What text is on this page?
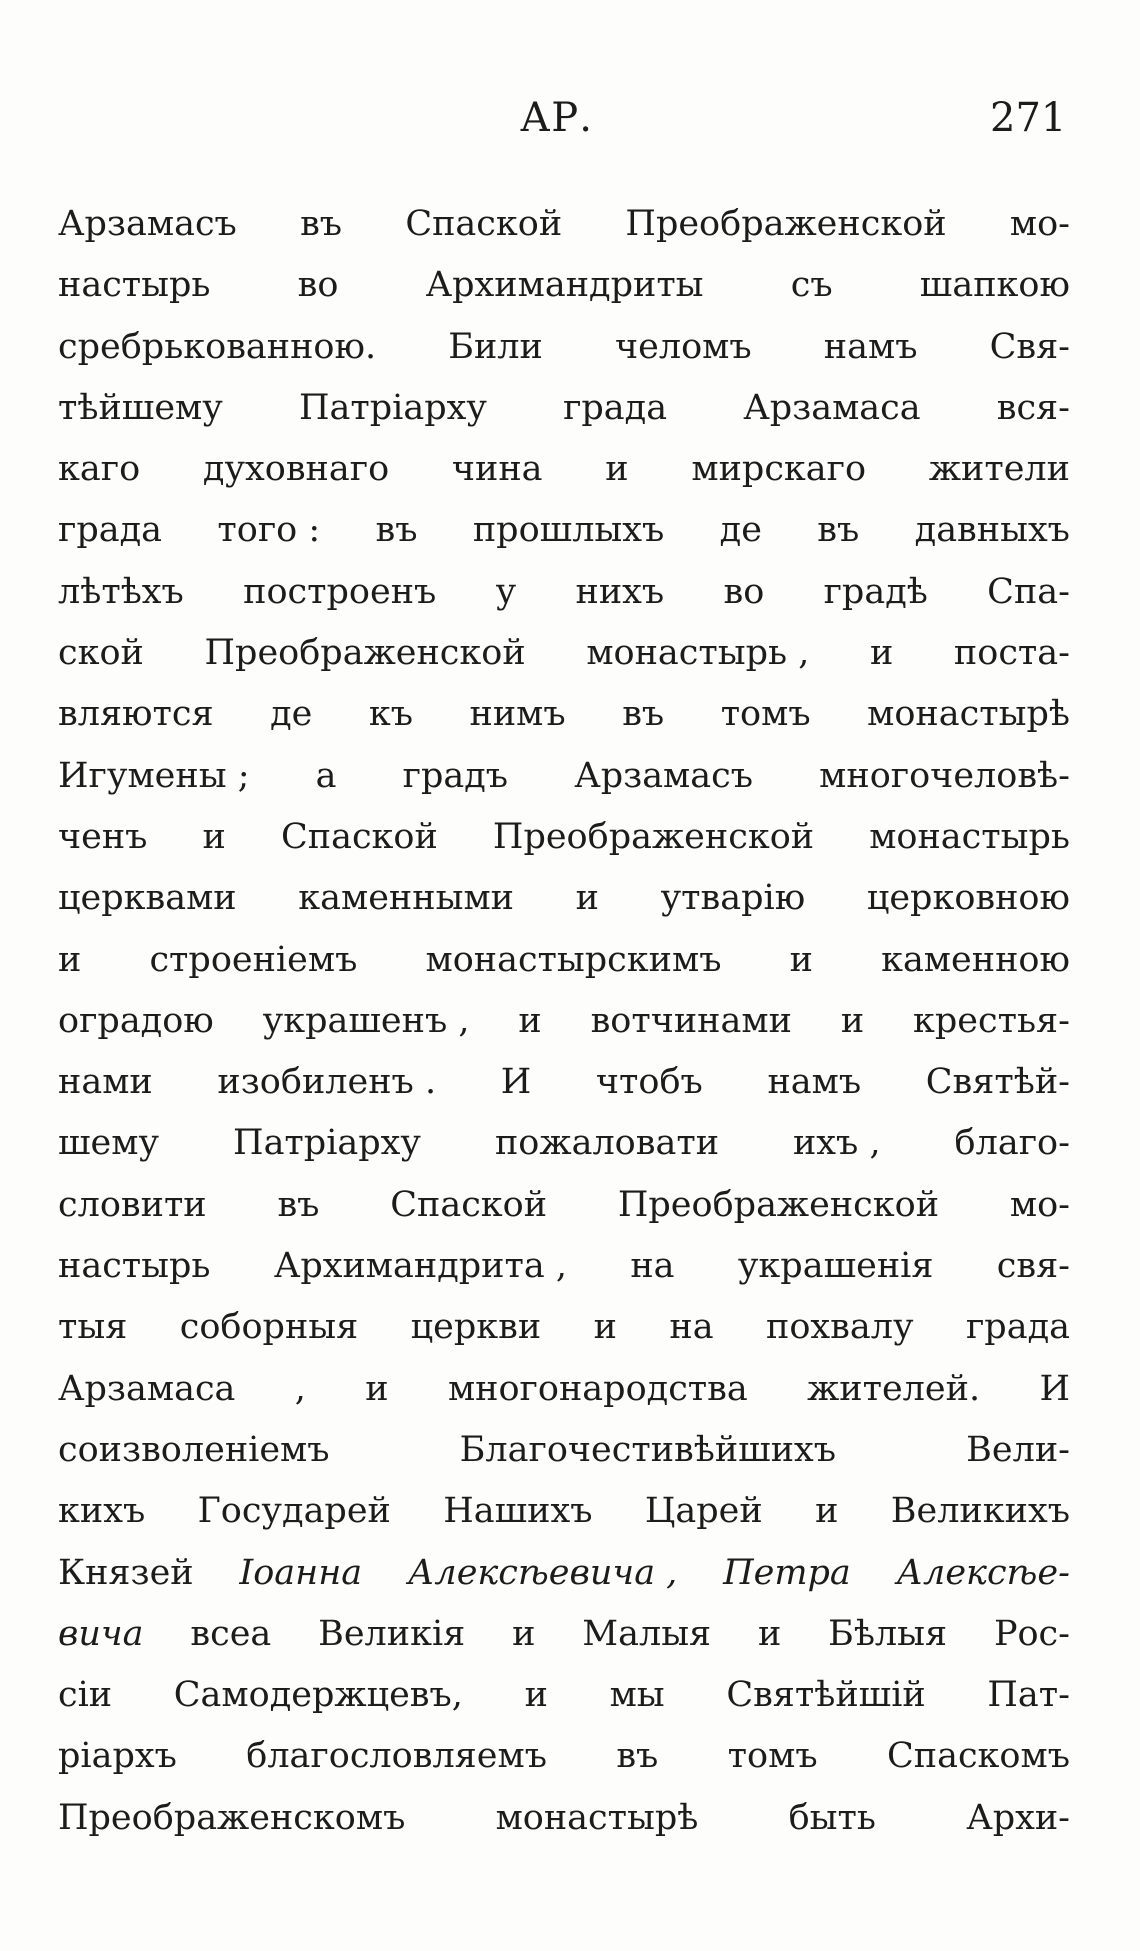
АР.	271
Арзамасъ въ Спаской Преображенской мо-
настырь во Архимандриты съ шапкою
сребрькованною. Били челомъ намъ Свя-
тѣйшему Патріарху града Арзамаса вся-
каго духовнаго чина и мирскаго жители
града того : въ прошлыхъ де въ давныхъ
лѣтѣхъ построенъ у нихъ во градѣ Спа-
ской Преображенской монастырь , и поста-
вляются де къ нимъ въ томъ монастырѣ
Игумены ; а градъ Арзамасъ многочеловѣ-
ченъ и Спаской Преображенской монастырь
церквами каменными и утварію церковною
и строеніемъ монастырскимъ и каменною
оградою украшенъ , и вотчинами и крестья-
нами изобиленъ . И чтобъ намъ Святѣй-
шему Патріарху пожаловати ихъ , благо-
словити въ Спаской Преображенской мо-
настырь Архимандрита , на украшенія свя-
тыя соборныя церкви и на похвалу града
Арзамаса , и многонародства жителей. И
соизволеніемъ	Благочестивѣйшихъ	Вели-
кихъ Государей Нашихъ Царей и Великихъ
Князей Іоанна Алексѣевича , Петра Алексѣе-
вича всеа Великія и Малыя и Бѣлыя Рос-
сіи Самодержцевъ, и мы Святѣйшій Пат-
ріархъ благословляемъ въ томъ Спаскомъ
Преображенскомъ	монастырѣ	быть	Архи-
